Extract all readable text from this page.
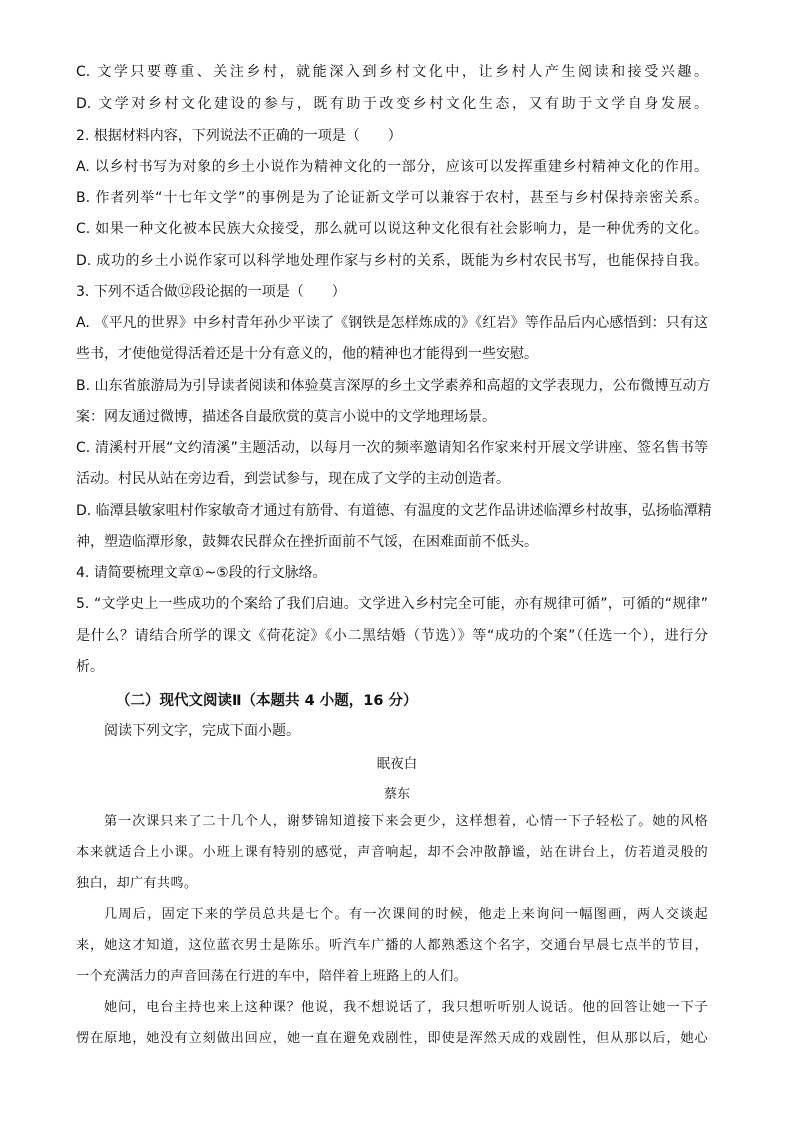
C. 文学只要尊重、关注乡村，就能深入到乡村文化中，让乡村人产生阅读和接受兴趣。
D. 文学对乡村文化建设的参与，既有助于改变乡村文化生态，又有助于文学自身发展。
2. 根据材料内容，下列说法不正确的一项是（　　）
A. 以乡村书写为对象的乡土小说作为精神文化的一部分，应该可以发挥重建乡村精神文化的作用。
B. 作者列举“十七年文学”的事例是为了论证新文学可以兼容于农村，甚至与乡村保持亲密关系。
C. 如果一种文化被本民族大众接受，那么就可以说这种文化很有社会影响力，是一种优秀的文化。
D. 成功的乡土小说作家可以科学地处理作家与乡村的关系，既能为乡村农民书写，也能保持自我。
3. 下列不适合做⑫段论据的一项是（　　）
A. 《平凡的世界》中乡村青年孙少平读了《钢铁是怎样炼成的》《红岩》等作品后内心感悟到：只有这
些书，才使他觉得活着还是十分有意义的，他的精神也才能得到一些安慰。
B. 山东省旅游局为引导读者阅读和体验莫言深厚的乡土文学素养和高超的文学表现力，公布微博互动方
案：网友通过微博，描述各自最欣赏的莫言小说中的文学地理场景。
C. 清溪村开展“文约清溪”主题活动，以每月一次的频率邀请知名作家来村开展文学讲座、签名售书等
活动。村民从站在旁边看，到尝试参与，现在成了文学的主动创造者。
D. 临潭县敏家咀村作家敏奇才通过有筋骨、有道德、有温度的文艺作品讲述临潭乡村故事，弘扬临潭精
神，塑造临潭形象，鼓舞农民群众在挫折面前不气馁，在困难面前不低头。
4. 请简要梳理文章①~⑤段的行文脉络。
5. “文学史上一些成功的个案给了我们启迪。文学进入乡村完全可能，亦有规律可循”，可循的“规律”
是什么？请结合所学的课文《荷花淀》《小二黑结婚（节选）》等“成功的个案”（任选一个），进行分
析。
（二）现代文阅读Ⅱ（本题共 4 小题，16 分）
阅读下列文字，完成下面小题。
眠夜白
蔡东
第一次课只来了二十几个人，谢梦锦知道接下来会更少，这样想着，心情一下子轻松了。她的风格
本来就适合上小课。小班上课有特别的感觉，声音响起，却不会冲散静谧，站在讲台上，仿若道灵般的
独白，却广有共鸣。
几周后，固定下来的学员总共是七个。有一次课间的时候，他走上来询问一幅图画，两人交谈起
来，她这才知道，这位蓝衣男士是陈乐。听汽车广播的人都熟悉这个名字，交通台早晨七点半的节目，
一个充满活力的声音回荡在行进的车中，陪伴着上班路上的人们。
她问，电台主持也来上这种课？他说，我不想说话了，我只想听听别人说话。他的回答让她一下子
愣在原地，她没有立刻做出回应，她一直在避免戏剧性，即使是浑然天成的戏剧性，但从那以后，她心
